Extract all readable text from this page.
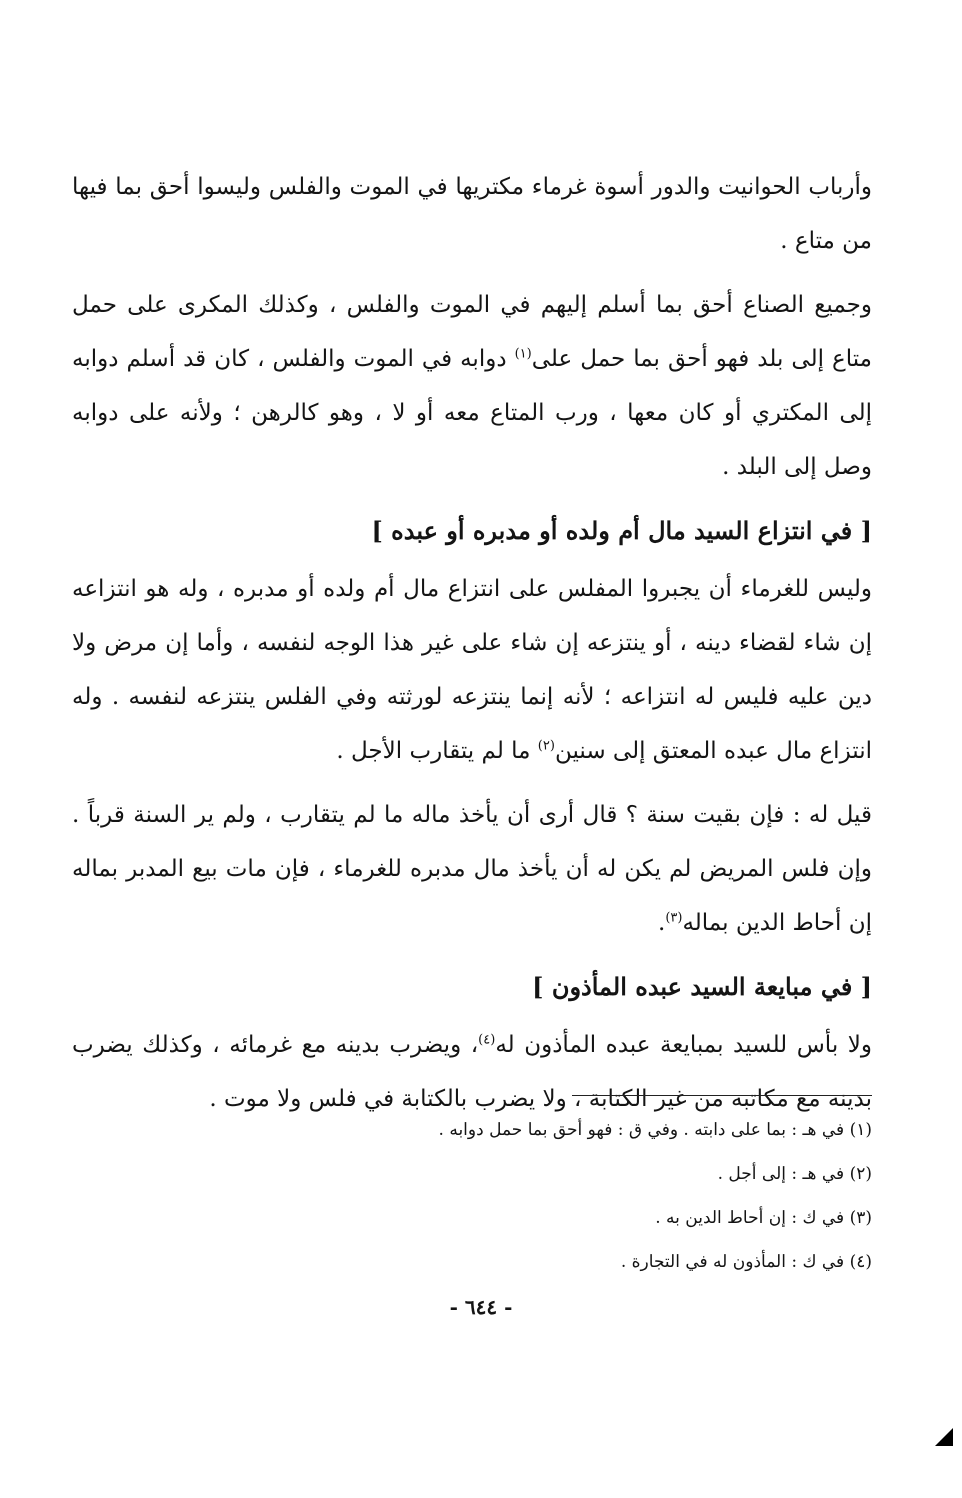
وأرباب الحوانيت والدور أسوة غرماء مكتريها في الموت والفلس وليسوا أحق بما فيها من متاع .

وجميع الصناع أحق بما أسلم إليهم في الموت والفلس ، وكذلك المكرى على حمل متاع إلى بلد فهو أحق بما حمل على$^{(١)}$ دوابه في الموت والفلس ، كان قد أسلم دوابه إلى المكتري أو كان معها ، ورب المتاع معه أو لا ، وهو كالرهن ؛ ولأنه على دوابه وصل إلى البلد .

[ في انتزاع السيد مال أم ولده أو مدبره أو عبده ]

وليس للغرماء أن يجبروا المفلس على انتزاع مال أم ولده أو مدبره ، وله هو انتزاعه إن شاء لقضاء دينه ، أو ينتزعه إن شاء على غير هذا الوجه لنفسه ، وأما إن مرض ولا دين عليه فليس له انتزاعه ؛ لأنه إنما ينتزعه لورثته وفي الفلس ينتزعه لنفسه . وله انتزاع مال عبده المعتق إلى سنين$^{(٢)}$ ما لم يتقارب الأجل .

قيل له : فإن بقيت سنة ؟ قال أرى أن يأخذ ماله ما لم يتقارب ، ولم ير السنة قرباً . وإن فلس المريض لم يكن له أن يأخذ مال مدبره للغرماء ، فإن مات بيع المدبر بماله إن أحاط الدين بماله$^{(٣)}$.

[ في مبايعة السيد عبده المأذون ]

ولا بأس للسيد بمبايعة عبده المأذون له$^{(٤)}$، ويضرب بدينه مع غرمائه ، وكذلك يضرب بدينه مع مكاتبه من غير الكتابة ، ولا يضرب بالكتابة في فلس ولا موت .

(١) في هـ : بما على دابته . وفي ق : فهو أحق بما حمل دوابه .
(٢) في هـ : إلى أجل .
(٣) في ك : إن أحاط الدين به .
(٤) في ك : المأذون له في التجارة .
- ٦٤٤ -
